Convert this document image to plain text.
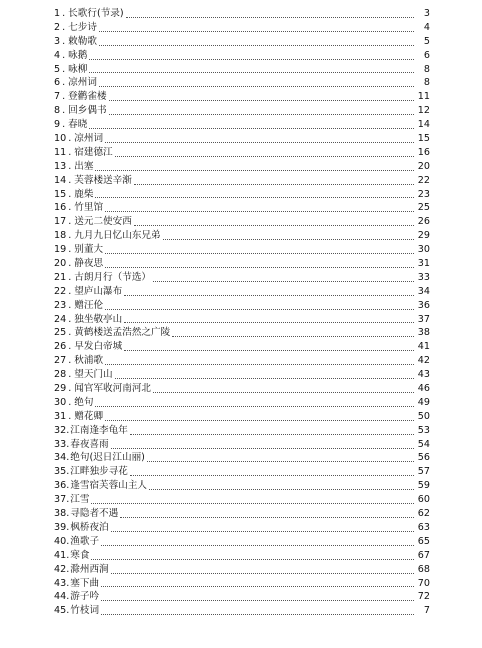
1 . 长歌行(节录)	3
2 . 七步诗	4
3 . 敕勒歌	5
4 . 咏鹅	6
5 . 咏柳	8
6 . 凉州词	8
7 . 登鹳雀楼	11
8 . 回乡偶书	12
9 . 春晓	14
10 . 凉州词	15
11 . 宿建德江	16
13 . 出塞	20
14 . 芙蓉楼送辛渐	22
15 . 鹿柴	23
16 . 竹里馆	25
17 . 送元二使安西	26
18 . 九月九日忆山东兄弟	29
19 . 别董大	30
20 . 静夜思	31
21 . 古朗月行（节选）	33
22 . 望庐山瀑布	34
23 . 赠汪伦	36
24 . 独坐敬亭山	37
25 . 黄鹤楼送孟浩然之广陵	38
26 . 早发白帝城	41
27 . 秋浦歌	42
28 . 望天门山	43
29 . 闻官军收河南河北	46
30 . 绝句	49
31 . 赠花卿	50
32 . 江南逢李龟年	53
33 . 春夜喜雨	54
34 . 绝句(迟日江山丽)	56
35 . 江畔独步寻花	57
36 . 逢雪宿芙蓉山主人	59
37 . 江雪	60
38 . 寻隐者不遇	62
39 . 枫桥夜泊	63
40 . 渔歌子	65
41 . 寒食	67
42 . 滁州西涧	68
43 . 塞下曲	70
44 . 游子吟	72
45 . 竹枝词	7
